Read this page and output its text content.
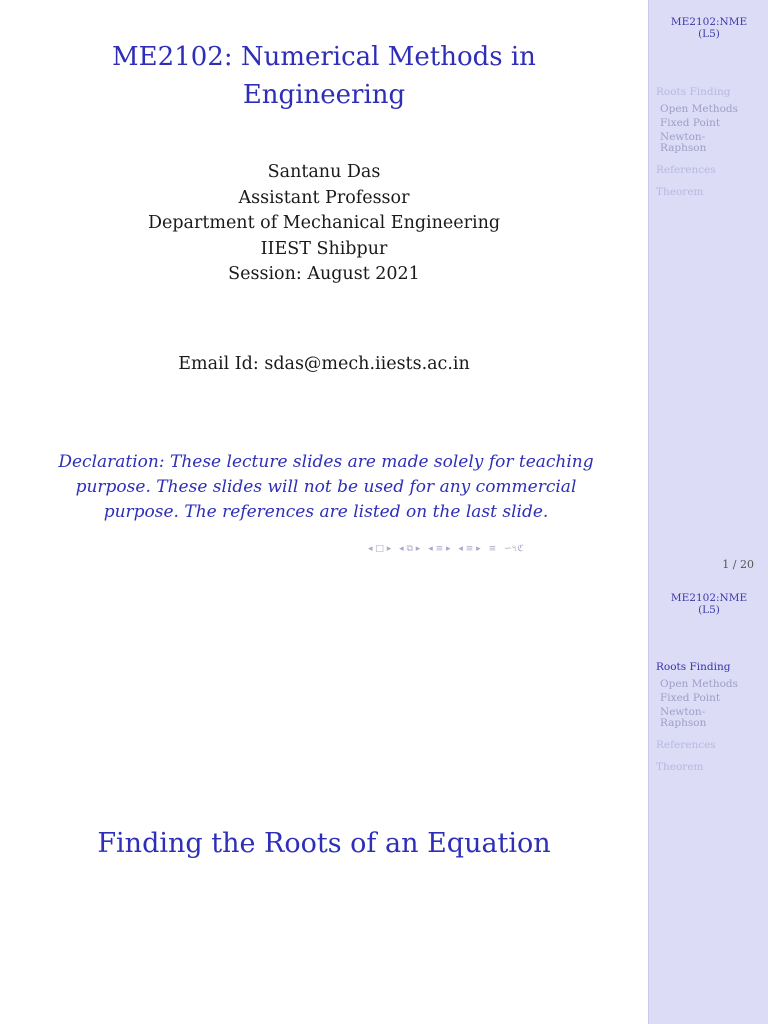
ME2102: Numerical Methods in
Engineering
Santanu Das
Assistant Professor
Department of Mechanical Engineering
IIEST Shibpur
Session: August 2021
Email Id: sdas@mech.iiests.ac.in
Declaration: These lecture slides are made solely for teaching purpose. These slides will not be used for any commercial purpose. The references are listed on the last slide.
◂ □ ▸ ◂ ⧉ ▸ ◂ ≡ ▸ ◂ ≡ ▸ ≡ ∽৭ℭ
ME2102:NME
(L5)
Roots Finding
Open Methods
Fixed Point
Newton-
Raphson
References
Theorem
1 / 20
Finding the Roots of an Equation
ME2102:NME
(L5)
Roots Finding
Open Methods
Fixed Point
Newton-
Raphson
References
Theorem
